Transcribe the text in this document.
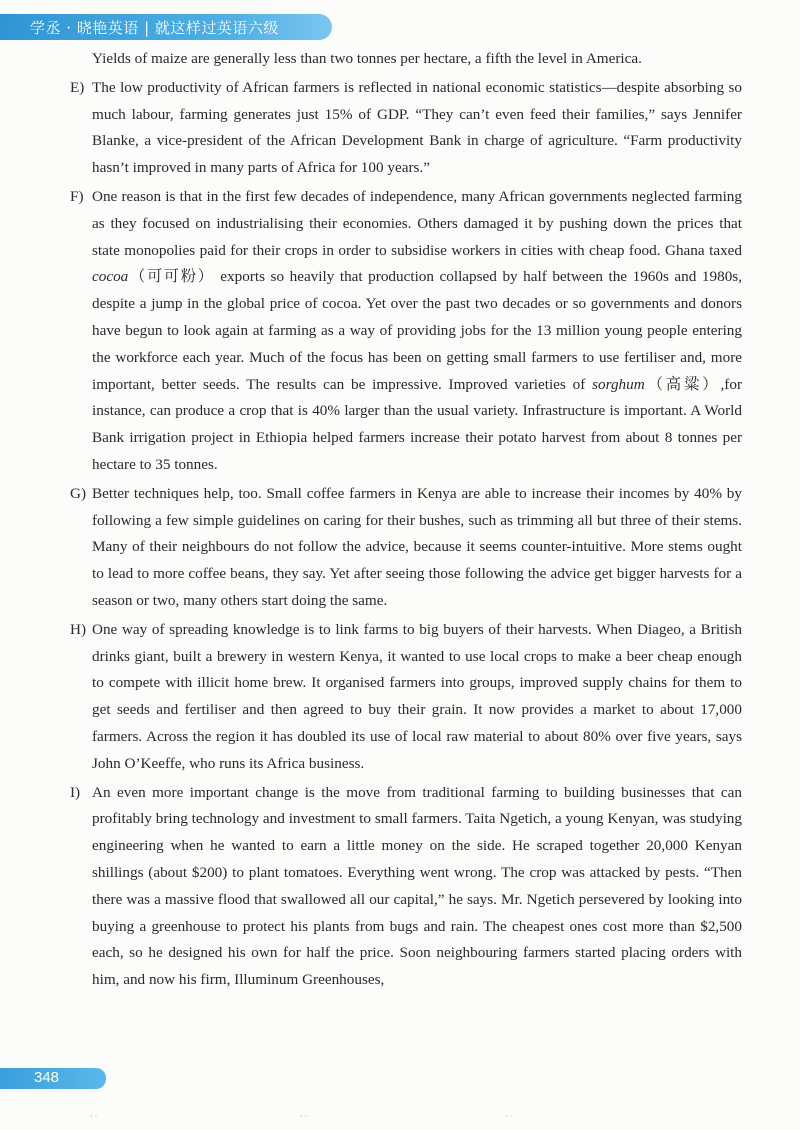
学丞 · 晓艳英语 | 就这样过英语六级

Yields of maize are generally less than two tonnes per hectare, a fifth the level in America.

E) The low productivity of African farmers is reflected in national economic statistics—despite absorbing so much labour, farming generates just 15% of GDP. “They can’t even feed their families,” says Jennifer Blanke, a vice-president of the African Development Bank in charge of agriculture. “Farm productivity hasn’t improved in many parts of Africa for 100 years.”

F) One reason is that in the first few decades of independence, many African governments neglected farming as they focused on industrialising their economies. Others damaged it by pushing down the prices that state monopolies paid for their crops in order to subsidise workers in cities with cheap food. Ghana taxed cocoa（可可粉） exports so heavily that production collapsed by half between the 1960s and 1980s, despite a jump in the global price of cocoa. Yet over the past two decades or so governments and donors have begun to look again at farming as a way of providing jobs for the 13 million young people entering the workforce each year. Much of the focus has been on getting small farmers to use fertiliser and, more important, better seeds. The results can be impressive. Improved varieties of sorghum（高粱）,for instance, can produce a crop that is 40% larger than the usual variety. Infrastructure is important. A World Bank irrigation project in Ethiopia helped farmers increase their potato harvest from about 8 tonnes per hectare to 35 tonnes.

G) Better techniques help, too. Small coffee farmers in Kenya are able to increase their incomes by 40% by following a few simple guidelines on caring for their bushes, such as trimming all but three of their stems. Many of their neighbours do not follow the advice, because it seems counter-intuitive. More stems ought to lead to more coffee beans, they say. Yet after seeing those following the advice get bigger harvests for a season or two, many others start doing the same.

H) One way of spreading knowledge is to link farms to big buyers of their harvests. When Diageo, a British drinks giant, built a brewery in western Kenya, it wanted to use local crops to make a beer cheap enough to compete with illicit home brew. It organised farmers into groups, improved supply chains for them to get seeds and fertiliser and then agreed to buy their grain. It now provides a market to about 17,000 farmers. Across the region it has doubled its use of local raw material to about 80% over five years, says John O’Keeffe, who runs its Africa business.

I) An even more important change is the move from traditional farming to building businesses that can profitably bring technology and investment to small farmers. Taita Ngetich, a young Kenyan, was studying engineering when he wanted to earn a little money on the side. He scraped together 20,000 Kenyan shillings (about $200) to plant tomatoes. Everything went wrong. The crop was attacked by pests. “Then there was a massive flood that swallowed all our capital,” he says. Mr. Ngetich persevered by looking into buying a greenhouse to protect his plants from bugs and rain. The cheapest ones cost more than $2,500 each, so he designed his own for half the price. Soon neighbouring farmers started placing orders with him, and now his firm, Illuminum Greenhouses,

348
· ·	· ·	· ·
